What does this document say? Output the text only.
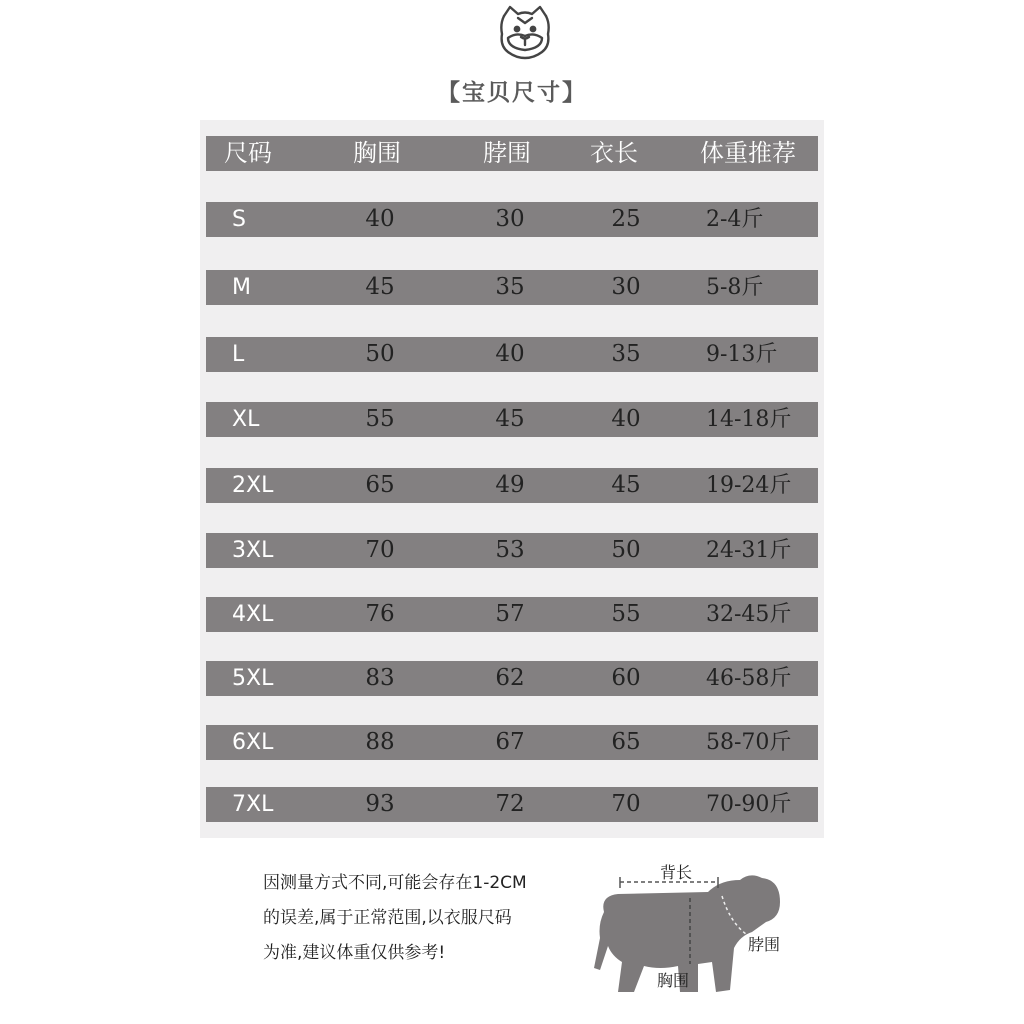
【宝贝尺寸】
尺码	胸围	脖围 衣长	体重推荐
S	40	30	25	2-4斤
M	45	35	30	5-8斤
L	50	40	35	9-13斤
XL	55	45	40	14-18斤
2XL	65	49	45	19-24斤
3XL	70	53	50	24-31斤
4XL	76	57	55	32-45斤
5XL	83	62	60	46-58斤
6XL	88	67	65	58-70斤
7XL	93	72	70	70-90斤
因测量方式不同,可能会存在1-2CM
的误差,属于正常范围,以衣服尺码
为准,建议体重仅供参考!
背长
脖围
胸围
